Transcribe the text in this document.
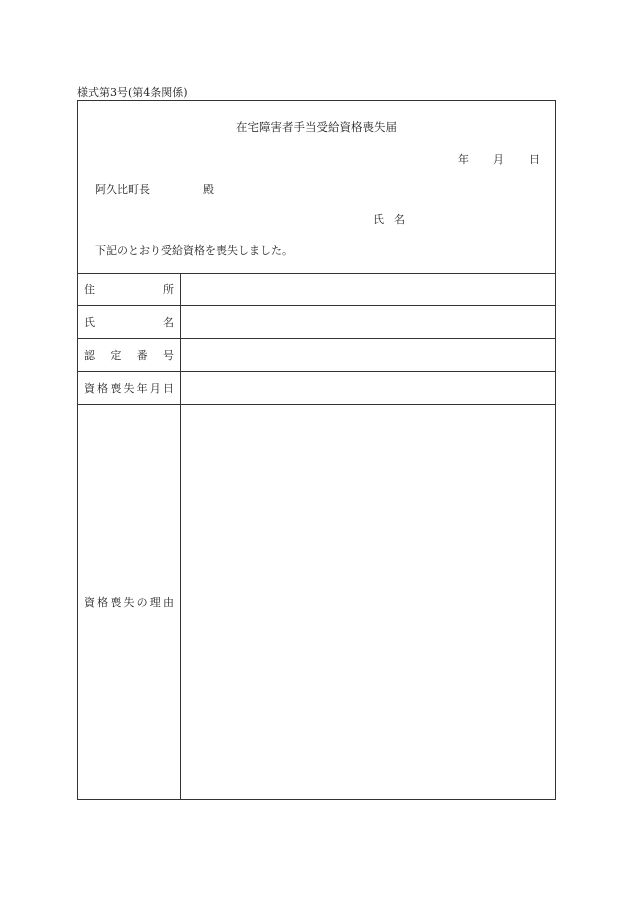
様式第3号(第4条関係)
在宅障害者手当受給資格喪失届
年 月 日
阿久比町長	殿
氏名
下記のとおり受給資格を喪失しました。
住	所
氏	名
認 定 番 号
資 格 喪 失 年 月 日
資 格 喪 失 の 理 由
